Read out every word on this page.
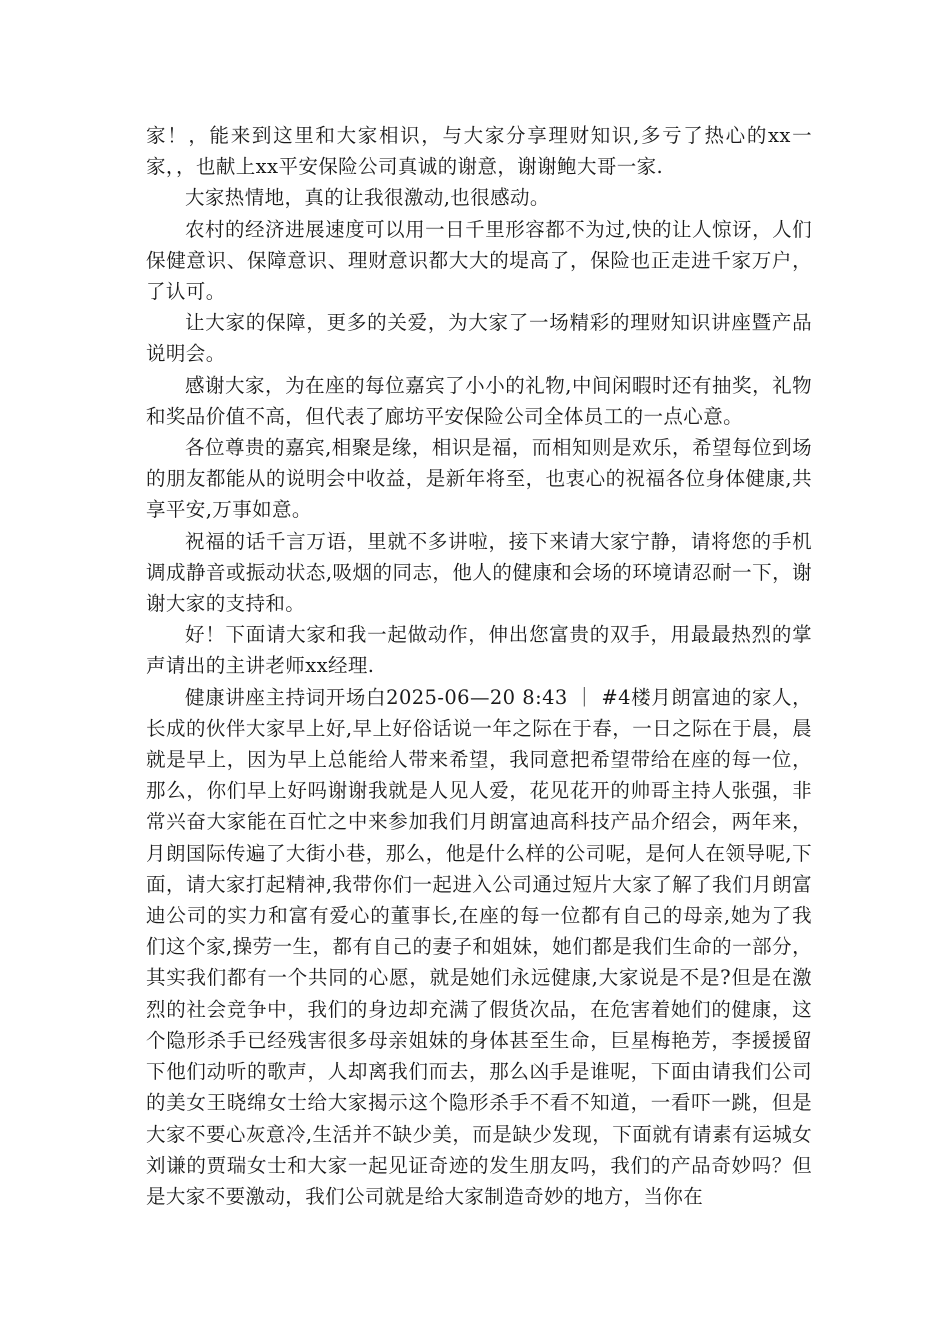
家！，能来到这里和大家相识，与大家分享理财知识,多亏了热心的xx一家，，也献上xx平安保险公司真诚的谢意，谢谢鲍大哥一家.

大家热情地，真的让我很激动,也很感动。

农村的经济进展速度可以用一日千里形容都不为过,快的让人惊讶，人们保健意识、保障意识、理财意识都大大的堤高了，保险也正走进千家万户，了认可。

让大家的保障，更多的关爱，为大家了一场精彩的理财知识讲座暨产品说明会。

感谢大家，为在座的每位嘉宾了小小的礼物,中间闲暇时还有抽奖，礼物和奖品价值不高，但代表了廊坊平安保险公司全体员工的一点心意。

各位尊贵的嘉宾,相聚是缘，相识是福，而相知则是欢乐，希望每位到场的朋友都能从的说明会中收益，是新年将至，也衷心的祝福各位身体健康,共享平安,万事如意。

祝福的话千言万语，里就不多讲啦，接下来请大家宁静，请将您的手机调成静音或振动状态,吸烟的同志，他人的健康和会场的环境请忍耐一下，谢谢大家的支持和。

好！下面请大家和我一起做动作，伸出您富贵的双手，用最最热烈的掌声请出的主讲老师xx经理.

健康讲座主持词开场白2025-06—20 8:43 ｜ #4楼月朗富迪的家人，长成的伙伴大家早上好,早上好俗话说一年之际在于春，一日之际在于晨，晨就是早上，因为早上总能给人带来希望，我同意把希望带给在座的每一位，那么，你们早上好吗谢谢我就是人见人爱，花见花开的帅哥主持人张强，非常兴奋大家能在百忙之中来参加我们月朗富迪高科技产品介绍会，两年来，月朗国际传遍了大街小巷，那么，他是什么样的公司呢，是何人在领导呢,下面，请大家打起精神,我带你们一起进入公司通过短片大家了解了我们月朗富迪公司的实力和富有爱心的董事长,在座的每一位都有自己的母亲,她为了我们这个家,操劳一生，都有自己的妻子和姐妹，她们都是我们生命的一部分，其实我们都有一个共同的心愿，就是她们永远健康,大家说是不是?但是在激烈的社会竞争中，我们的身边却充满了假货次品，在危害着她们的健康，这个隐形杀手已经残害很多母亲姐妹的身体甚至生命，巨星梅艳芳，李援援留下他们动听的歌声，人却离我们而去，那么凶手是谁呢，下面由请我们公司的美女王晓绵女士给大家揭示这个隐形杀手不看不知道，一看吓一跳，但是大家不要心灰意冷,生活并不缺少美，而是缺少发现，下面就有请素有运城女刘谦的贾瑞女士和大家一起见证奇迹的发生朋友吗，我们的产品奇妙吗？但是大家不要激动，我们公司就是给大家制造奇妙的地方，当你在
